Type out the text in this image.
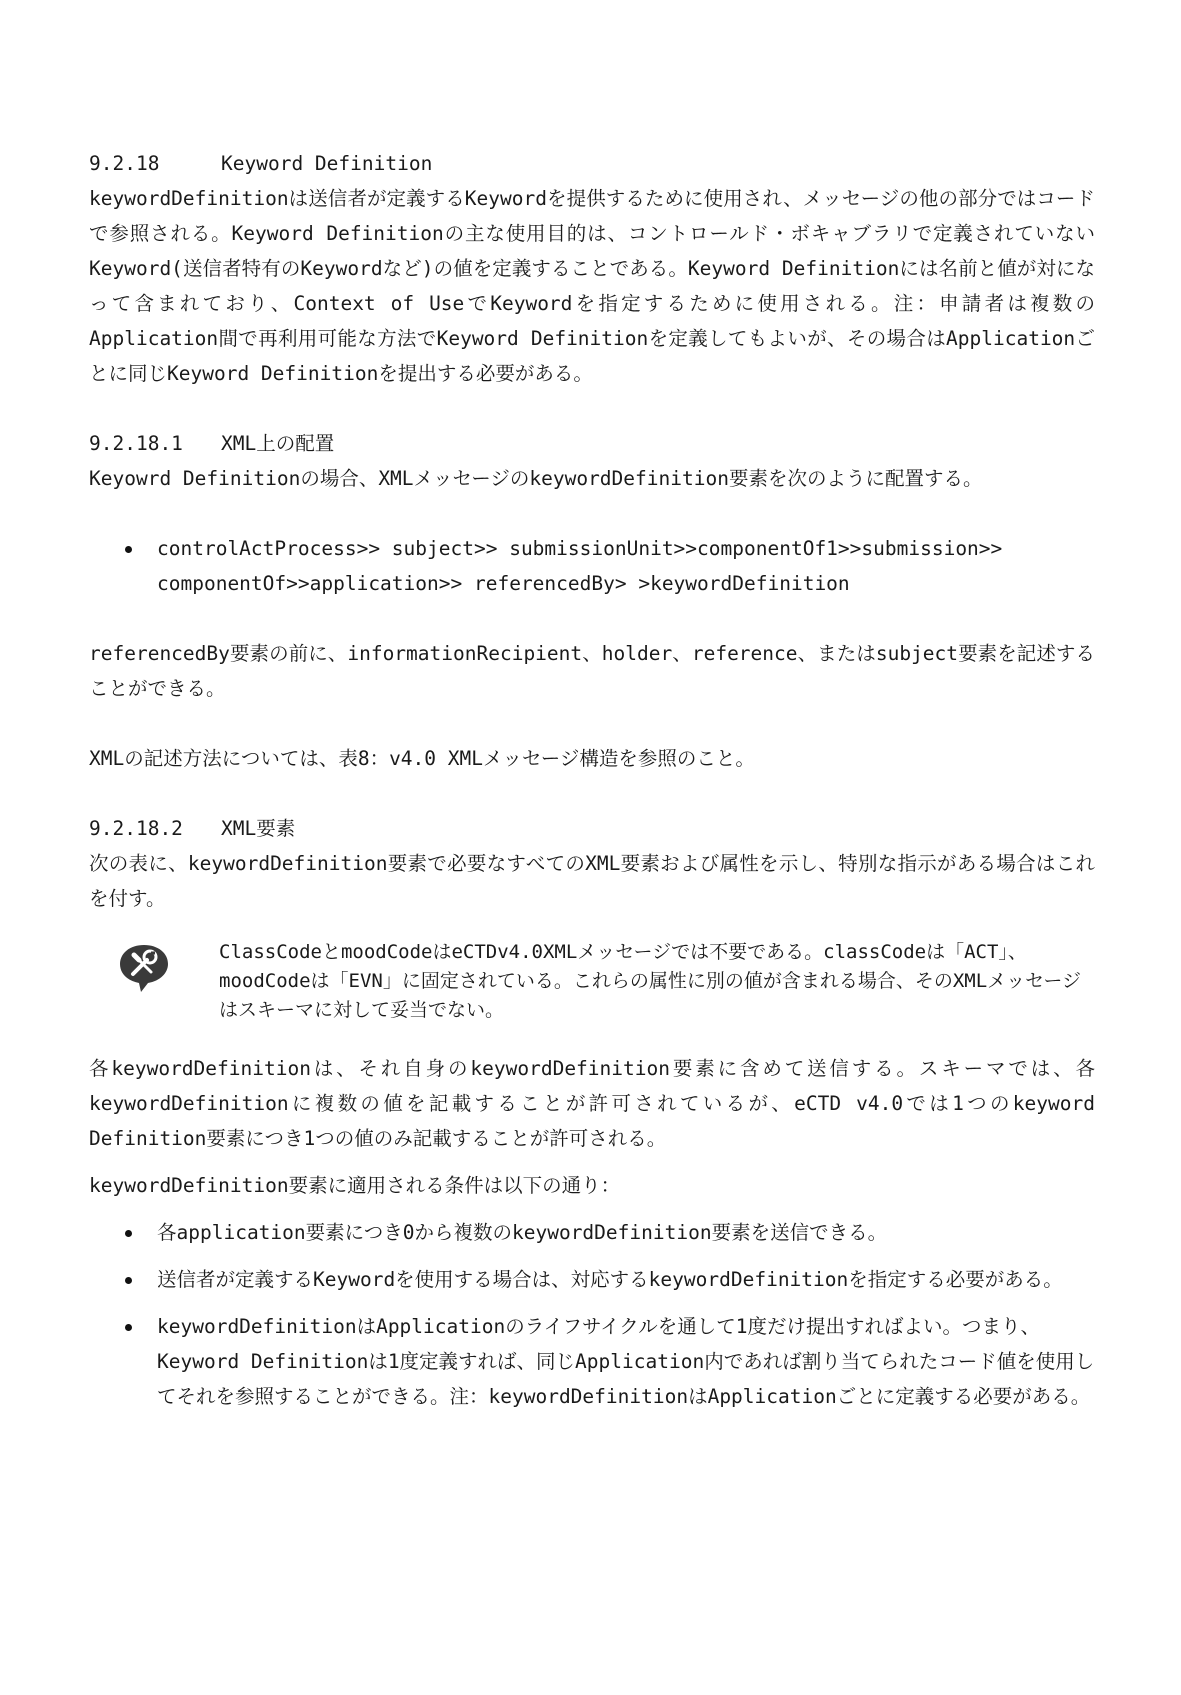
9.2.18	Keyword Definition

keywordDefinitionは送信者が定義するKeywordを提供するために使用され、メッセージの他の部分ではコードで参照される。Keyword Definitionの主な使用目的は、コントロールド・ボキャブラリで定義されていないKeyword(送信者特有のKeywordなど)の値を定義することである。Keyword Definitionには名前と値が対になって含まれており、Context of UseでKeywordを指定するために使用される。注：申請者は複数のApplication間で再利用可能な方法でKeyword Definitionを定義してもよいが、その場合はApplicationごとに同じKeyword Definitionを提出する必要がある。

9.2.18.1	XML上の配置

Keyowrd Definitionの場合、XMLメッセージのkeywordDefinition要素を次のように配置する。

controlActProcess>> subject>> submissionUnit>>componentOf1>>submission>>
componentOf>>application>> referencedBy> >keywordDefinition

referencedBy要素の前に、informationRecipient、holder、reference、またはsubject要素を記述することができる。

XMLの記述方法については、表8：v4.0 XMLメッセージ構造を参照のこと。

9.2.18.2	XML要素

次の表に、keywordDefinition要素で必要なすべてのXML要素および属性を示し、特別な指示がある場合はこれを付す。

ClassCodeとmoodCodeはeCTDv4.0XMLメッセージでは不要である。classCodeは「ACT」、moodCodeは「EVN」に固定されている。これらの属性に別の値が含まれる場合、そのXMLメッセージはスキーマに対して妥当でない。

各keywordDefinitionは、それ自身のkeywordDefinition要素に含めて送信する。スキーマでは、各keywordDefinitionに複数の値を記載することが許可されているが、eCTD v4.0では1つのkeyword Definition要素につき1つの値のみ記載することが許可される。

keywordDefinition要素に適用される条件は以下の通り：

各application要素につき0から複数のkeywordDefinition要素を送信できる。
送信者が定義するKeywordを使用する場合は、対応するkeywordDefinitionを指定する必要がある。
keywordDefinitionはApplicationのライフサイクルを通して1度だけ提出すればよい。つまり、Keyword Definitionは1度定義すれば、同じApplication内であれば割り当てられたコード値を使用してそれを参照することができる。注：keywordDefinitionはApplicationごとに定義する必要がある。
